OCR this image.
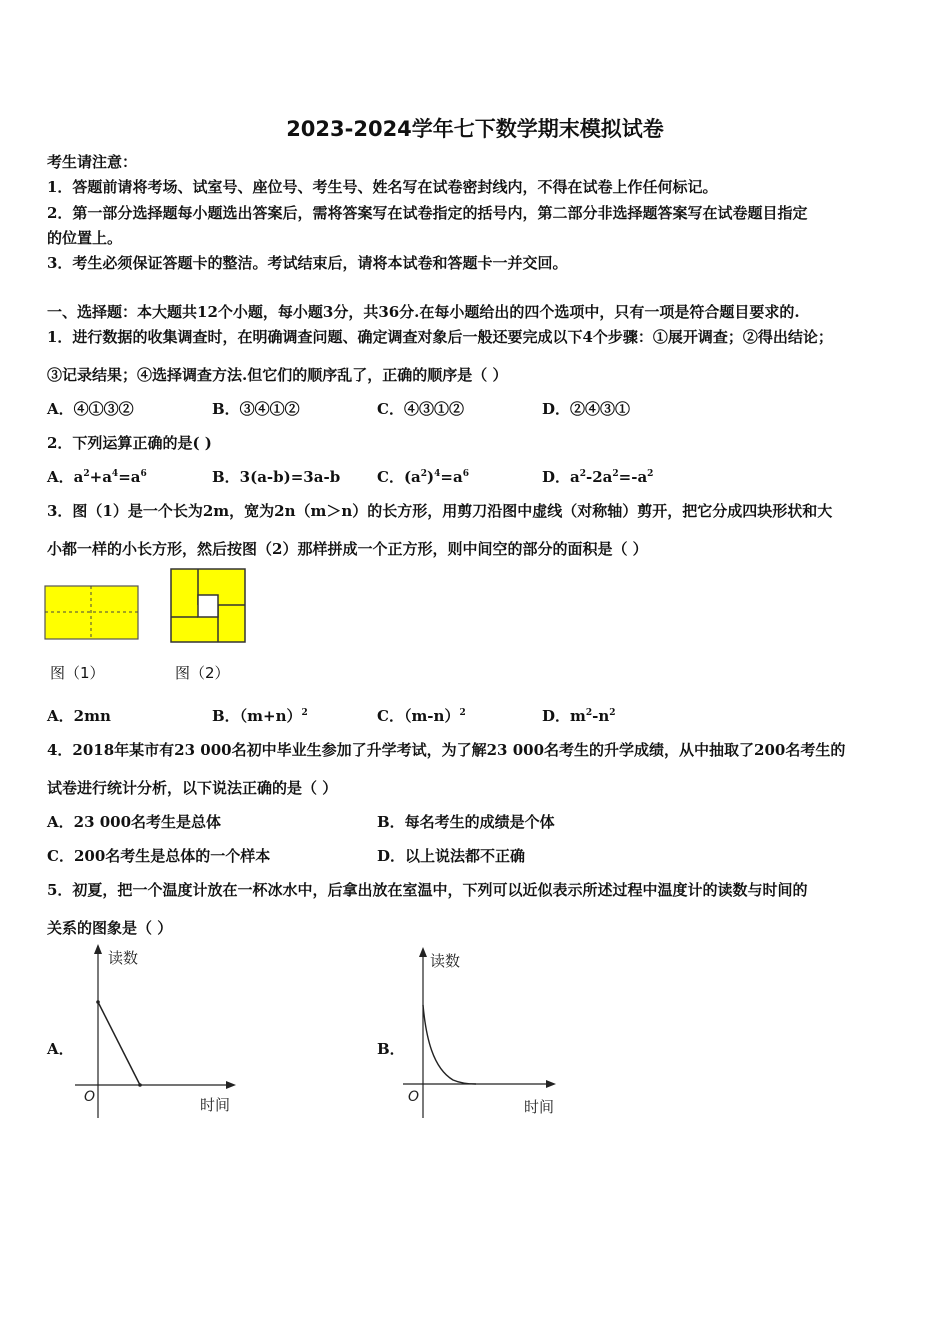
2023-2024学年七下数学期末模拟试卷
考生请注意：
1．答题前请将考场、试室号、座位号、考生号、姓名写在试卷密封线内，不得在试卷上作任何标记。
2．第一部分选择题每小题选出答案后，需将答案写在试卷指定的括号内，第二部分非选择题答案写在试卷题目指定
的位置上。
3．考生必须保证答题卡的整洁。考试结束后，请将本试卷和答题卡一并交回。
一、选择题：本大题共12个小题，每小题3分，共36分.在每小题给出的四个选项中，只有一项是符合题目要求的.
1．进行数据的收集调查时，在明确调查问题、确定调查对象后一般还要完成以下4个步骤：①展开调查；②得出结论；
③记录结果；④选择调查方法.但它们的顺序乱了，正确的顺序是（ ）
A．④①③②	B．③④①②	C．④③①②	D．②④③①
2．下列运算正确的是( )
A．$a^2+a^4=a^6$	B．3(a-b)=3a-b C．$(a^2)^4=a^6$	D．$a^2-2a^2=-a^2$
3．图（1）是一个长为2m，宽为2n（m＞n）的长方形，用剪刀沿图中虚线（对称轴）剪开，把它分成四块形状和大
小都一样的小长方形，然后按图（2）那样拼成一个正方形，则中间空的部分的面积是（ ）
图（1）	图（2）
A．2mn	B．$(m+n)^2$	C．$(m-n)^2$	D．$m^2-n^2$
4．2018年某市有23 000名初中毕业生参加了升学考试，为了解23 000名考生的升学成绩，从中抽取了200名考生的
试卷进行统计分析，以下说法正确的是（ ）
A．23 000名考生是总体	B．每名考生的成绩是个体
C．200名考生是总体的一个样本	D．以上说法都不正确
5．初夏，把一个温度计放在一杯冰水中，后拿出放在室温中，下列可以近似表示所述过程中温度计的读数与时间的
关系的图象是（ ）
A．
读数
O	时间
B．
读数
O
时间
